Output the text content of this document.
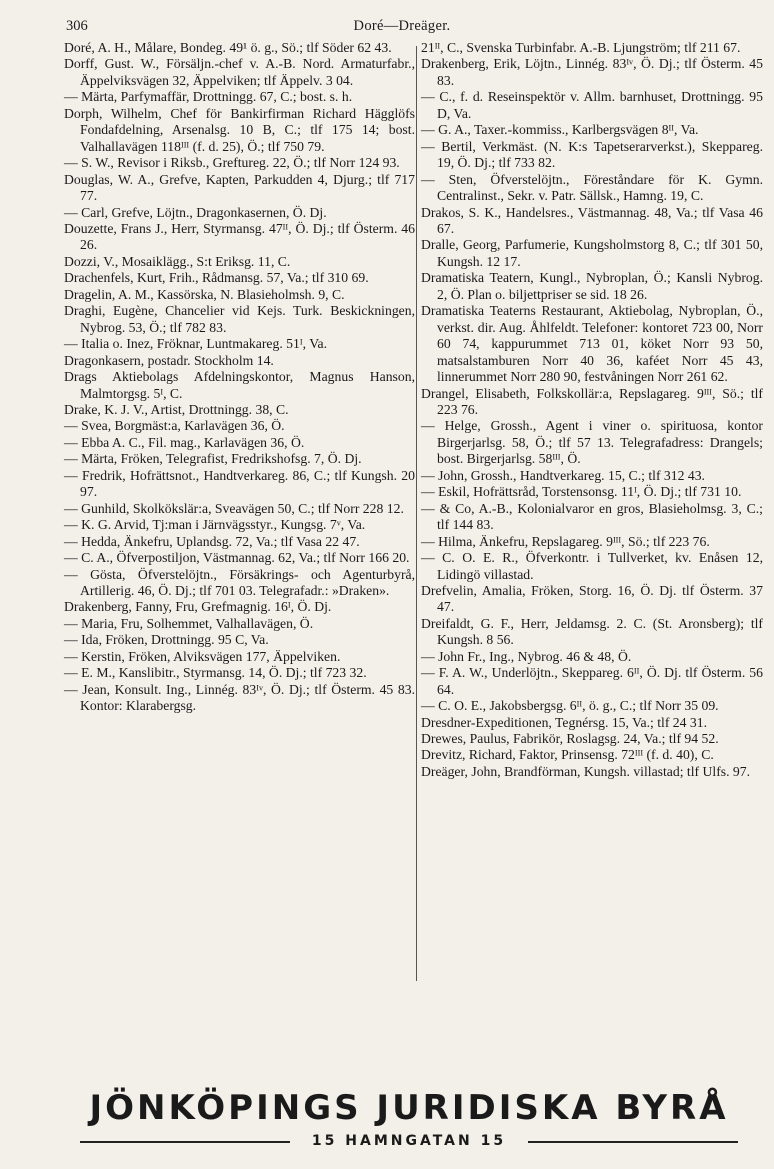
306	Doré—Dreäger.

Doré, A. H., Målare, Bondeg. 49¹ ö. g., Sö.; tlf Söder 62 43.

Dorff, Gust. W., Försäljn.-chef v. A.-B. Nord. Armaturfabr., Äppelviksvägen 32, Äppelviken; tlf Äppelv. 3 04.

— Märta, Parfymaffär, Drottningg. 67, C.; bost. s. h.

Dorph, Wilhelm, Chef för Bankirfirman Richard Hägglöfs Fondafdelning, Arsenalsg. 10 B, C.; tlf 175 14; bost. Valhallavägen 118ᴵᴵᴵ (f. d. 25), Ö.; tlf 750 79.

— S. W., Revisor i Riksb., Greftureg. 22, Ö.; tlf Norr 124 93.

Douglas, W. A., Grefve, Kapten, Parkudden 4, Djurg.; tlf 717 77.

— Carl, Grefve, Löjtn., Dragonkasernen, Ö. Dj.

Douzette, Frans J., Herr, Styrmansg. 47ᴵᴵ, Ö. Dj.; tlf Österm. 46 26.

Dozzi, V., Mosaiklägg., S:t Eriksg. 11, C.

Drachenfels, Kurt, Frih., Rådmansg. 57, Va.; tlf 310 69.

Dragelin, A. M., Kassörska, N. Blasieholmsh. 9, C.

Draghi, Eugène, Chancelier vid Kejs. Turk. Beskickningen, Nybrog. 53, Ö.; tlf 782 83.

— Italia o. Inez, Fröknar, Luntmakareg. 51ᴵ, Va.

Dragonkasern, postadr. Stockholm 14.

Drags Aktiebolags Afdelningskontor, Magnus Hanson, Malmtorgsg. 5ᴵ, C.

Drake, K. J. V., Artist, Drottningg. 38, C.

— Svea, Borgmäst:a, Karlavägen 36, Ö.

— Ebba A. C., Fil. mag., Karlavägen 36, Ö.

— Märta, Fröken, Telegrafist, Fredrikshofsg. 7, Ö. Dj.

— Fredrik, Hofrättsnot., Handtverkareg. 86, C.; tlf Kungsh. 20 97.

— Gunhild, Skolkökslär:a, Sveavägen 50, C.; tlf Norr 228 12.

— K. G. Arvid, Tj:man i Järnvägsstyr., Kungsg. 7ᵛ, Va.

— Hedda, Änkefru, Uplandsg. 72, Va.; tlf Vasa 22 47.

— C. A., Öfverpostiljon, Västmannag. 62, Va.; tlf Norr 166 20.

— Gösta, Öfverstelöjtn., Försäkrings- och Agenturbyrå, Artillerig. 46, Ö. Dj.; tlf 701 03. Telegrafadr.: »Draken».

Drakenberg, Fanny, Fru, Grefmagnig. 16ᴵ, Ö. Dj.

— Maria, Fru, Solhemmet, Valhallavägen, Ö.

— Ida, Fröken, Drottningg. 95 C, Va.

— Kerstin, Fröken, Alviksvägen 177, Äppelviken.

— E. M., Kanslibitr., Styrmansg. 14, Ö. Dj.; tlf 723 32.

— Jean, Konsult. Ing., Linnég. 83ᴵᵛ, Ö. Dj.; tlf Österm. 45 83. Kontor: Klarabergsg.

21ᴵᴵ, C., Svenska Turbinfabr. A.-B. Ljungström; tlf 211 67.

Drakenberg, Erik, Löjtn., Linnég. 83ᴵᵛ, Ö. Dj.; tlf Österm. 45 83.

— C., f. d. Reseinspektör v. Allm. barnhuset, Drottningg. 95 D, Va.

— G. A., Taxer.-kommiss., Karlbergsvägen 8ᴵᴵ, Va.

— Bertil, Verkmäst. (N. K:s Tapetserarverkst.), Skeppareg. 19, Ö. Dj.; tlf 733 82.

— Sten, Öfverstelöjtn., Föreståndare för K. Gymn. Centralinst., Sekr. v. Patr. Sällsk., Hamng. 19, C.

Drakos, S. K., Handelsres., Västmannag. 48, Va.; tlf Vasa 46 67.

Dralle, Georg, Parfumerie, Kungsholmstorg 8, C.; tlf 301 50, Kungsh. 12 17.

Dramatiska Teatern, Kungl., Nybroplan, Ö.; Kansli Nybrog. 2, Ö. Plan o. biljettpriser se sid. 18 26.

Dramatiska Teaterns Restaurant, Aktiebolag, Nybroplan, Ö., verkst. dir. Aug. Åhlfeldt. Telefoner: kontoret 723 00, Norr 60 74, kappurummet 713 01, köket Norr 93 50, matsalstamburen Norr 40 36, kaféet Norr 45 43, linnerummet Norr 280 90, festvåningen Norr 261 62.

Drangel, Elisabeth, Folkskollär:a, Repslagareg. 9ᴵᴵᴵ, Sö.; tlf 223 76.

— Helge, Grossh., Agent i viner o. spirituosa, kontor Birgerjarlsg. 58, Ö.; tlf 57 13. Telegrafadress: Drangels; bost. Birgerjarlsg. 58ᴵᴵᴵ, Ö.

— John, Grossh., Handtverkareg. 15, C.; tlf 312 43.

— Eskil, Hofrättsråd, Torstensonsg. 11ᴵ, Ö. Dj.; tlf 731 10.

— & Co, A.-B., Kolonialvaror en gros, Blasieholmsg. 3, C.; tlf 144 83.

— Hilma, Änkefru, Repslagareg. 9ᴵᴵᴵ, Sö.; tlf 223 76.

— C. O. E. R., Öfverkontr. i Tullverket, kv. Enåsen 12, Lidingö villastad.

Drefvelin, Amalia, Fröken, Storg. 16, Ö. Dj. tlf Österm. 37 47.

Dreifaldt, G. F., Herr, Jeldamsg. 2. C. (St. Aronsberg); tlf Kungsh. 8 56.

— John Fr., Ing., Nybrog. 46 & 48, Ö.

— F. A. W., Underlöjtn., Skeppareg. 6ᴵᴵ, Ö. Dj. tlf Österm. 56 64.

— C. O. E., Jakobsbergsg. 6ᴵᴵ, ö. g., C.; tlf Norr 35 09.

Dresdner-Expeditionen, Tegnérsg. 15, Va.; tlf 24 31.

Drewes, Paulus, Fabrikör, Roslagsg. 24, Va.; tlf 94 52.

Drevitz, Richard, Faktor, Prinsensg. 72ᴵᴵᴵ (f. d. 40), C.

Dreäger, John, Brandförman, Kungsh. villastad; tlf Ulfs. 97.

JÖNKÖPINGS JURIDISKA BYRÅ
15 HAMNGATAN 15
